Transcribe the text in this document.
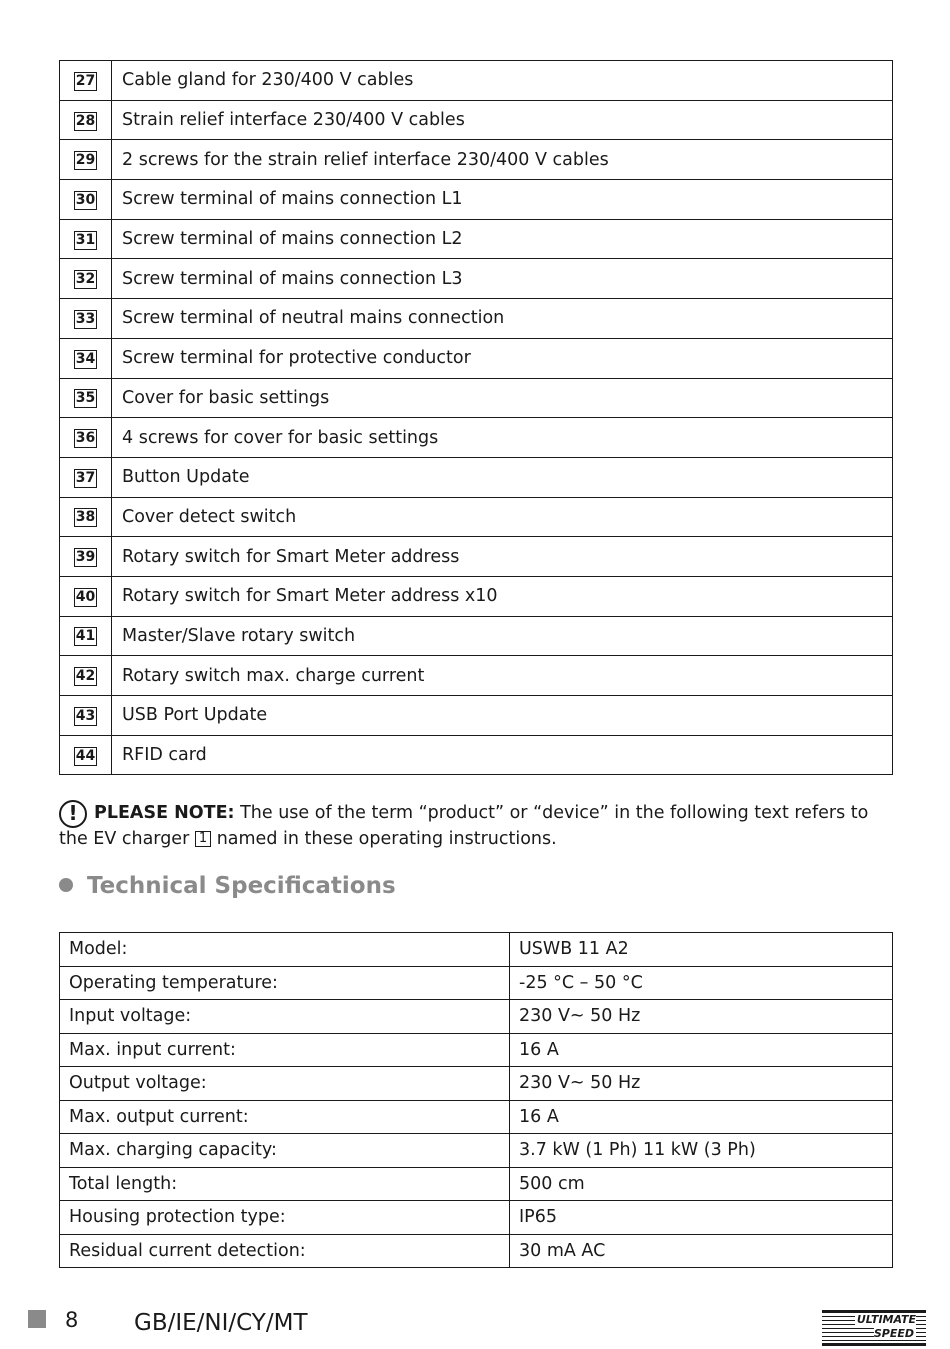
27	Cable gland for 230/400 V cables
28	Strain relief interface 230/400 V cables
29	2 screws for the strain relief interface 230/400 V cables
30	Screw terminal of mains connection L1
31	Screw terminal of mains connection L2
32	Screw terminal of mains connection L3
33	Screw terminal of neutral mains connection
34	Screw terminal for protective conductor
35	Cover for basic settings
36	4 screws for cover for basic settings
37	Button Update
38	Cover detect switch
39	Rotary switch for Smart Meter address
40	Rotary switch for Smart Meter address x10
41	Master/Slave rotary switch
42	Rotary switch max. charge current
43	USB Port Update
44	RFID card
! PLEASE NOTE: The use of the term “product” or “device” in the following text refers to the EV charger 1 named in these operating instructions.
Technical Specifications
Model:	USWB 11 A2
Operating temperature:	-25 °C – 50 °C
Input voltage:	230 V~ 50 Hz
Max. input current:	16 A
Output voltage:	230 V~ 50 Hz
Max. output current:	16 A
Max. charging capacity:	3.7 kW (1 Ph) 11 kW (3 Ph)
Total length:	500 cm
Housing protection type:	IP65
Residual current detection:	30 mA AC
8 GB/IE/NI/CY/MT	ULTIMATE SPEED
